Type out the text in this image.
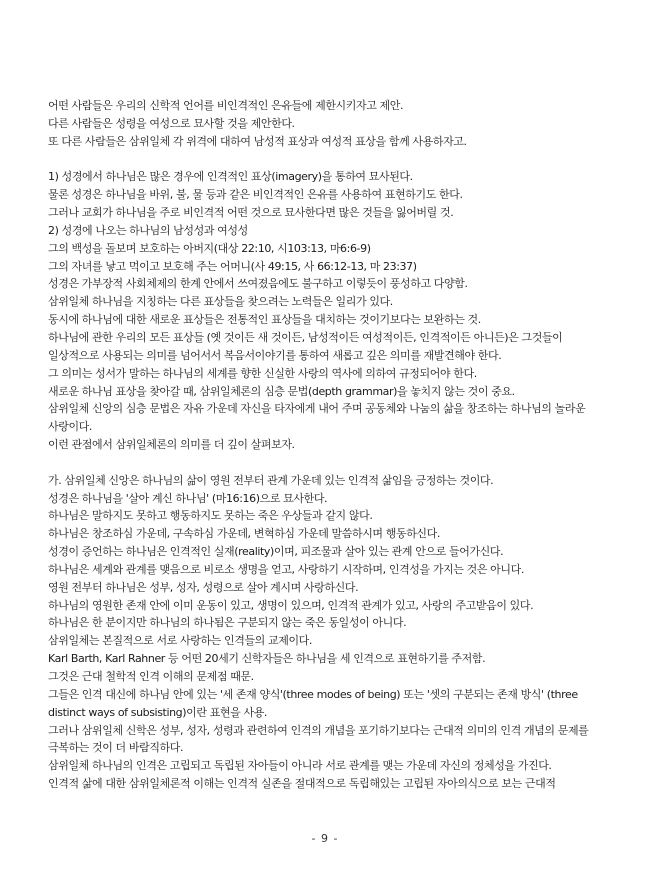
어떤 사람들은 우리의 신학적 언어를 비인격적인 은유들에 제한시키자고 제안.
다른 사람들은 성령을 여성으로 묘사할 것을 제안한다.
또 다른 사람들은 삼위일체 각 위격에 대하여 남성적 표상과 여성적 표상을 함께 사용하자고.
1) 성경에서 하나님은 많은 경우에 인격적인 표상(imagery)을 통하여 묘사된다.
물론 성경은 하나님을 바위, 불, 물 등과 같은 비인격적인 은유를 사용하여 표현하기도 한다.
그러나 교회가 하나님을 주로 비인격적 어떤 것으로 묘사한다면 많은 것들을 잃어버릴 것.
2) 성경에 나오는 하나님의 남성성과 여성성
그의 백성을 돌보며 보호하는 아버지(대상 22:10, 시103:13, 마6:6-9)
그의 자녀를 낳고 먹이고 보호해 주는 어머니(사 49:15, 사 66:12-13, 마 23:37)
성경은 가부장적 사회체제의 한계 안에서 쓰여졌음에도 불구하고 이렇듯이 풍성하고 다양함.
삼위일체 하나님을 지칭하는 다른 표상들을 찾으려는 노력들은 일리가 있다.
동시에 하나님에 대한 새로운 표상들은 전통적인 표상들을 대치하는 것이기보다는 보완하는 것.
하나님에 관한 우리의 모든 표상들 (옛 것이든 새 것이든, 남성적이든 여성적이든, 인격적이든 아니든)은 그것들이 일상적으로 사용되는 의미를 넘어서서 복음서이야기를 통하여 새롭고 깊은 의미를 재발견해야 한다.
그 의미는 성서가 말하는 하나님의 세계를 향한 신실한 사랑의 역사에 의하여 규정되어야 한다.
새로운 하나님 표상을 찾아갈 때, 삼위일체론의 심층 문법(depth grammar)을 놓치지 않는 것이 중요.
삼위일체 신앙의 심층 문법은 자유 가운데 자신을 타자에게 내어 주며 공동체와 나눔의 삶을 창조하는 하나님의 놀라운 사랑이다.
이런 관점에서 삼위일체론의 의미를 더 깊이 살펴보자.
가. 삼위일체 신앙은 하나님의 삶이 영원 전부터 관계 가운데 있는 인격적 삶임을 긍정하는 것이다.
성경은 하나님을 '살아 계신 하나님' (마16:16)으로 묘사한다.
하나님은 말하지도 못하고 행동하지도 못하는 죽은 우상들과 같지 않다.
하나님은 창조하심 가운데, 구속하심 가운데, 변혁하심 가운데 말씀하시며 행동하신다.
성경이 증언하는 하나님은 인격적인 실재(reality)이며, 피조물과 살아 있는 관계 안으로 들어가신다.
하나님은 세계와 관계를 맺음으로 비로소 생명을 얻고, 사랑하기 시작하며, 인격성을 가지는 것은 아니다.
영원 전부터 하나님은 성부, 성자, 성령으로 살아 계시며 사랑하신다.
하나님의 영원한 존재 안에 이미 운동이 있고, 생명이 있으며, 인격적 관계가 있고, 사랑의 주고받음이 있다.
하나님은 한 분이지만 하나님의 하나됨은 구분되지 않는 죽은 동일성이 아니다.
삼위일체는 본질적으로 서로 사랑하는 인격들의 교제이다.
Karl Barth, Karl Rahner 등 어떤 20세기 신학자들은 하나님을 세 인격으로 표현하기를 주저함.
그것은 근대 철학적 인격 이해의 문제점 때문.
그들은 인격 대신에 하나님 안에 있는 '세 존재 양식'(three modes of being) 또는 '셋의 구분되는 존재 방식' (three distinct ways of subsisting)이란 표현을 사용.
그러나 삼위일체 신학은 성부, 성자, 성령과 관련하여 인격의 개념을 포기하기보다는 근대적 의미의 인격 개념의 문제를 극복하는 것이 더 바람직하다.
삼위일체 하나님의 인격은 고립되고 독립된 자아들이 아니라 서로 관계를 맺는 가운데 자신의 정체성을 가진다.
인격적 삶에 대한 삼위일체론적 이해는 인격적 실존을 절대적으로 독립해있는 고립된 자아의식으로 보는 근대적
- 9 -
